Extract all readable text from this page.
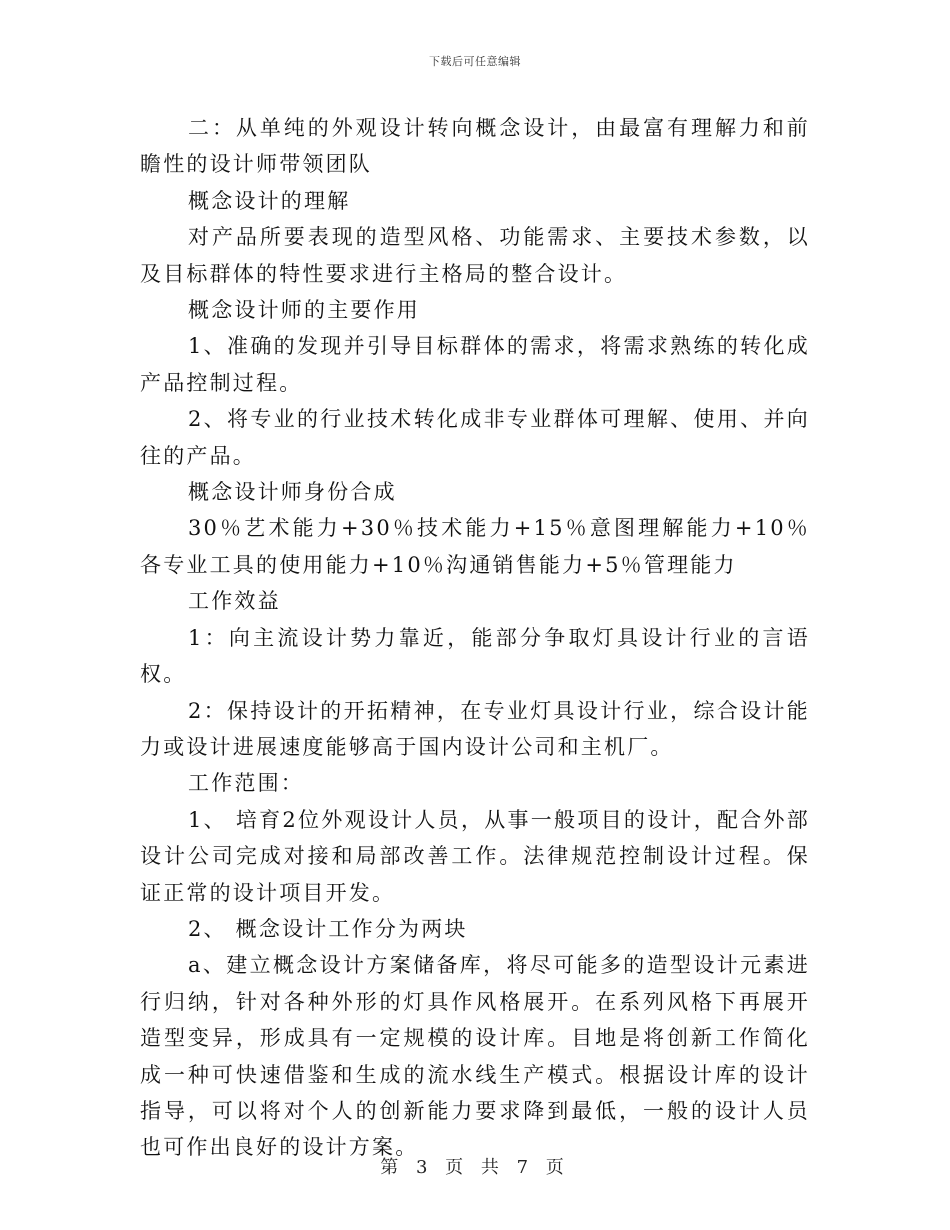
下载后可任意编辑

二：从单纯的外观设计转向概念设计，由最富有理解力和前瞻性的设计师带领团队

概念设计的理解

对产品所要表现的造型风格、功能需求、主要技术参数，以及目标群体的特性要求进行主格局的整合设计。

概念设计师的主要作用

1、准确的发现并引导目标群体的需求，将需求熟练的转化成产品控制过程。

2、将专业的行业技术转化成非专业群体可理解、使用、并向往的产品。

概念设计师身份合成

30％艺术能力+30％技术能力+15％意图理解能力+10％各专业工具的使用能力+10％沟通销售能力+5％管理能力

工作效益

1：向主流设计势力靠近，能部分争取灯具设计行业的言语权。

2：保持设计的开拓精神，在专业灯具设计行业，综合设计能力或设计进展速度能够高于国内设计公司和主机厂。

工作范围：

1、 培育2位外观设计人员，从事一般项目的设计，配合外部设计公司完成对接和局部改善工作。法律规范控制设计过程。保证正常的设计项目开发。

2、 概念设计工作分为两块

a、建立概念设计方案储备库，将尽可能多的造型设计元素进行归纳，针对各种外形的灯具作风格展开。在系列风格下再展开造型变异，形成具有一定规模的设计库。目地是将创新工作简化成一种可快速借鉴和生成的流水线生产模式。根据设计库的设计指导，可以将对个人的创新能力要求降到最低，一般的设计人员也可作出良好的设计方案。

第 3 页 共 7 页
